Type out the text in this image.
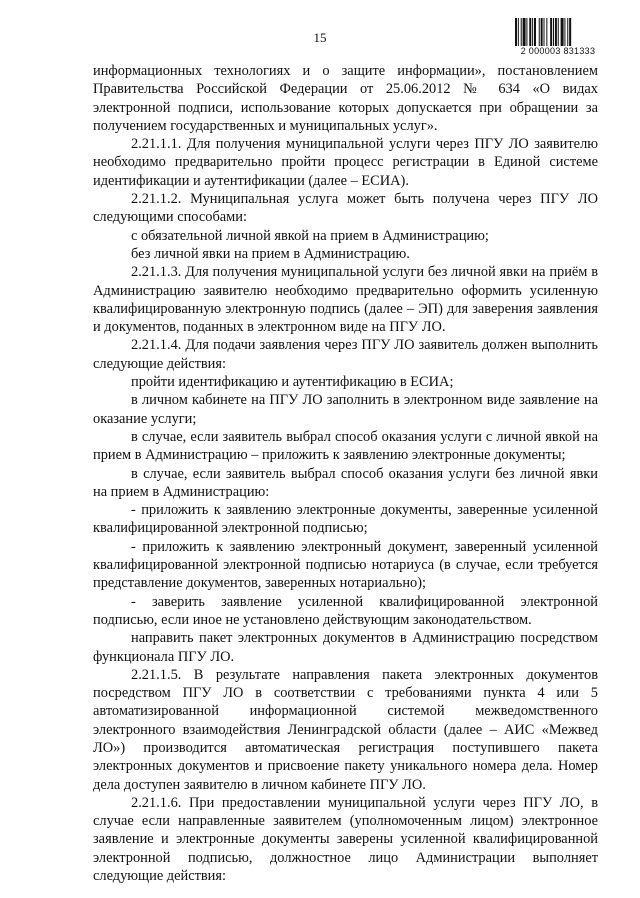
15
2 000003 831333

информационных технологиях и о защите информации», постановлением Правительства Российской Федерации от 25.06.2012 № 634 «О видах электронной подписи, использование которых допускается при обращении за получением государственных и муниципальных услуг».

2.21.1.1. Для получения муниципальной услуги через ПГУ ЛО заявителю необходимо предварительно пройти процесс регистрации в Единой системе идентификации и аутентификации (далее – ЕСИА).

2.21.1.2. Муниципальная услуга может быть получена через ПГУ ЛО следующими способами:

с обязательной личной явкой на прием в Администрацию;

без личной явки на прием в Администрацию.

2.21.1.3. Для получения муниципальной услуги без личной явки на приём в Администрацию заявителю необходимо предварительно оформить усиленную квалифицированную электронную подпись (далее – ЭП) для заверения заявления и документов, поданных в электронном виде на ПГУ ЛО.

2.21.1.4. Для подачи заявления через ПГУ ЛО заявитель должен выполнить следующие действия:

пройти идентификацию и аутентификацию в ЕСИА;

в личном кабинете на ПГУ ЛО заполнить в электронном виде заявление на оказание услуги;

в случае, если заявитель выбрал способ оказания услуги с личной явкой на прием в Администрацию – приложить к заявлению электронные документы;

в случае, если заявитель выбрал способ оказания услуги без личной явки на прием в Администрацию:

- приложить к заявлению электронные документы, заверенные усиленной квалифицированной электронной подписью;

- приложить к заявлению электронный документ, заверенный усиленной квалифицированной электронной подписью нотариуса (в случае, если требуется представление документов, заверенных нотариально);

- заверить заявление усиленной квалифицированной электронной подписью, если иное не установлено действующим законодательством.

направить пакет электронных документов в Администрацию посредством функционала ПГУ ЛО.

2.21.1.5. В результате направления пакета электронных документов посредством ПГУ ЛО в соответствии с требованиями пункта 4 или 5 автоматизированной информационной системой межведомственного электронного взаимодействия Ленинградской области (далее – АИС «Межвед ЛО») производится автоматическая регистрация поступившего пакета электронных документов и присвоение пакету уникального номера дела. Номер дела доступен заявителю в личном кабинете ПГУ ЛО.

2.21.1.6. При предоставлении муниципальной услуги через ПГУ ЛО, в случае если направленные заявителем (уполномоченным лицом) электронное заявление и электронные документы заверены усиленной квалифицированной электронной подписью, должностное лицо Администрации выполняет следующие действия:
